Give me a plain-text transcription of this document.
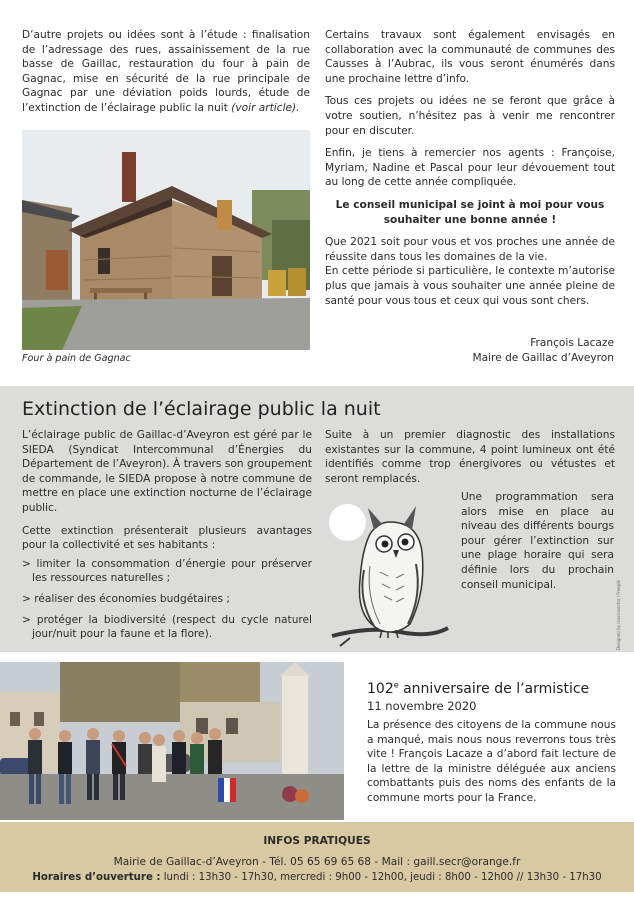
D’autre projets ou idées sont à l’étude : finalisation de l’adressage des rues, assainissement de la rue basse de Gaillac, restauration du four à pain de Gagnac, mise en sécurité de la rue principale de Gagnac par une déviation poids lourds, étude de l’extinction de l’éclairage public la nuit (voir article).

Four à pain de Gagnac

Certains travaux sont également envisagés en collaboration avec la communauté de communes des Causses à l’Aubrac, ils vous seront énumérés dans une prochaine lettre d’info.

Tous ces projets ou idées ne se feront que grâce à votre soutien, n’hésitez pas à venir me rencontrer pour en discuter.

Enfin, je tiens à remercier nos agents : Françoise, Myriam, Nadine et Pascal pour leur dévouement tout au long de cette année compliquée.

Le conseil municipal se joint à moi pour vous souhaiter une bonne année !

Que 2021 soit pour vous et vos proches une année de réussite dans tous les domaines de la vie.

En cette période si particulière, le contexte m’autorise plus que jamais à vous souhaiter une année pleine de santé pour vous tous et ceux qui vous sont chers.

François Lacaze
Maire de Gaillac d’Aveyron
Extinction de l’éclairage public la nuit

L’éclairage public de Gaillac-d’Aveyron est géré par le SIEDA (Syndicat Intercommunal d’Énergies du Département de l’Aveyron). À travers son groupement de commande, le SIEDA propose à notre commune de mettre en place une extinction nocturne de l’éclairage public.

Cette extinction présenterait plusieurs avantages pour la collectivité et ses habitants :

> limiter la consommation d’énergie pour préserver les ressources naturelles ;
> réaliser des économies budgétaires ;
> protéger la biodiversité (respect du cycle naturel jour/nuit pour la faune et la flore).
Suite à un premier diagnostic des installations existantes sur la commune, 4 point lumineux ont été identifiés comme trop énergivores ou vétustes et seront remplacés.
Une programmation sera alors mise en place au niveau des différents bourgs pour gérer l’extinction sur une plage horaire qui sera définie lors du prochain conseil municipal.	Designed by macrovector / Freepik
102e anniversaire de l’armistice
11 novembre 2020
La présence des citoyens de la commune nous a manqué, mais nous nous reverrons tous très vite ! François Lacaze a d’abord fait lecture de la lettre de la ministre déléguée aux anciens combattants puis des noms des enfants de la commune morts pour la France.
INFOS PRATIQUES
Mairie de Gaillac-d’Aveyron - Tél. 05 65 69 65 68 - Mail : gaill.secr@orange.fr
Horaires d’ouverture : lundi : 13h30 - 17h30, mercredi : 9h00 - 12h00, jeudi : 8h00 - 12h00 // 13h30 - 17h30
